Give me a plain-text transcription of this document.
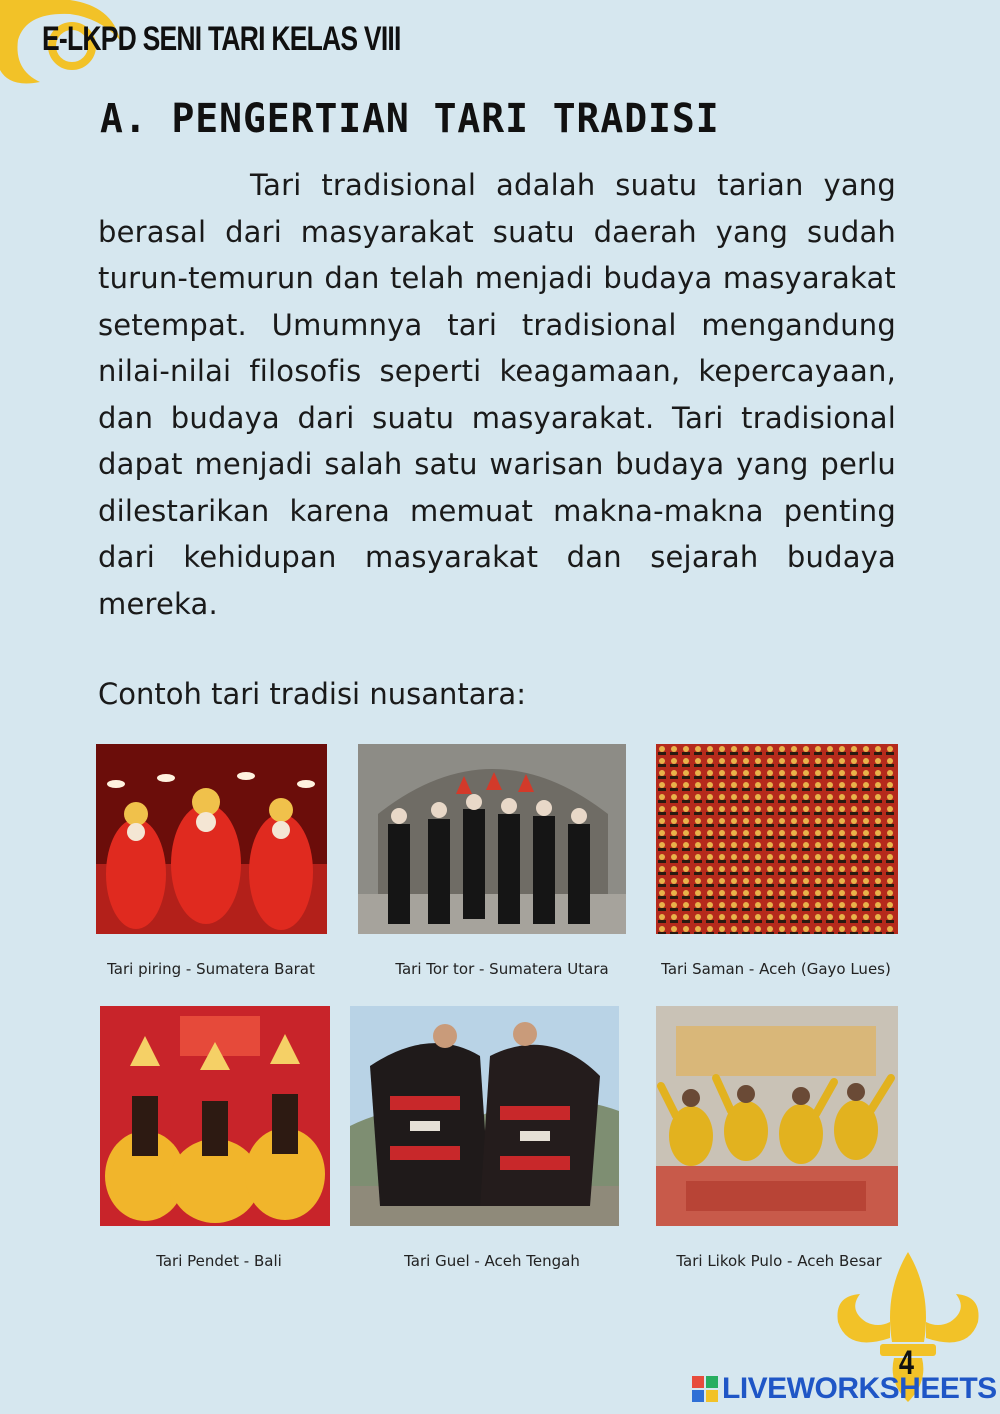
E-LKPD SENI TARI KELAS VIII
A. PENGERTIAN TARI TRADISI

Tari tradisional adalah suatu tarian yang berasal dari masyarakat suatu daerah yang sudah turun-temurun dan telah menjadi budaya masyarakat setempat. Umumnya tari tradisional mengandung nilai-nilai filosofis seperti keagamaan, kepercayaan, dan budaya dari suatu masyarakat. Tari tradisional dapat menjadi salah satu warisan budaya yang perlu dilestarikan karena memuat makna-makna penting dari kehidupan masyarakat dan sejarah budaya mereka.

Contoh tari tradisi nusantara:

Tari piring - Sumatera Barat	Tari Tor tor - Sumatera Utara	Tari Saman - Aceh (Gayo Lues)

Tari Pendet - Bali	Tari Guel - Aceh Tengah	Tari Likok Pulo - Aceh Besar

4
LIVEWORKSHEETS
